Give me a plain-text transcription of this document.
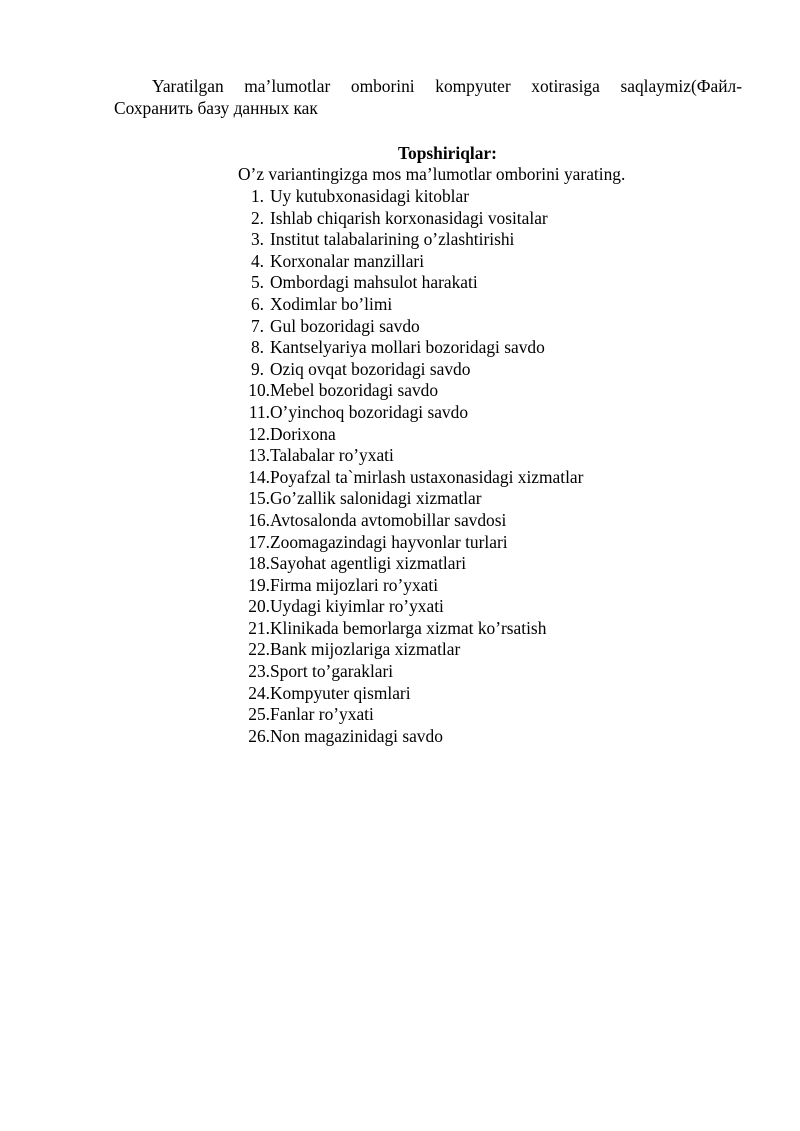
Yaratilgan ma’lumotlar omborini kompyuter xotirasiga saqlaymiz(Файл-
Сохранить базу данных как

Topshiriqlar:

O’z variantingizga mos ma’lumotlar omborini yarating.

1. Uy kutubxonasidagi kitoblar
2. Ishlab chiqarish korxonasidagi vositalar
3. Institut talabalarining o’zlashtirishi
4. Korxonalar manzillari
5. Ombordagi mahsulot harakati
6. Xodimlar bo’limi
7. Gul bozoridagi savdo
8. Kantselyariya mollari bozoridagi savdo
9. Oziq ovqat bozoridagi savdo
10. Mebel bozoridagi savdo
11. O’yinchoq bozoridagi savdo
12. Dorixona
13. Talabalar ro’yxati
14. Poyafzal ta`mirlash ustaxonasidagi xizmatlar
15. Go’zallik salonidagi xizmatlar
16. Avtosalonda avtomobillar savdosi
17. Zoomagazindagi hayvonlar turlari
18. Sayohat agentligi xizmatlari
19. Firma mijozlari ro’yxati
20. Uydagi kiyimlar ro’yxati
21. Klinikada bemorlarga xizmat ko’rsatish
22. Bank mijozlariga xizmatlar
23. Sport to’garaklari
24. Kompyuter qismlari
25. Fanlar ro’yxati
26. Non magazinidagi savdo
